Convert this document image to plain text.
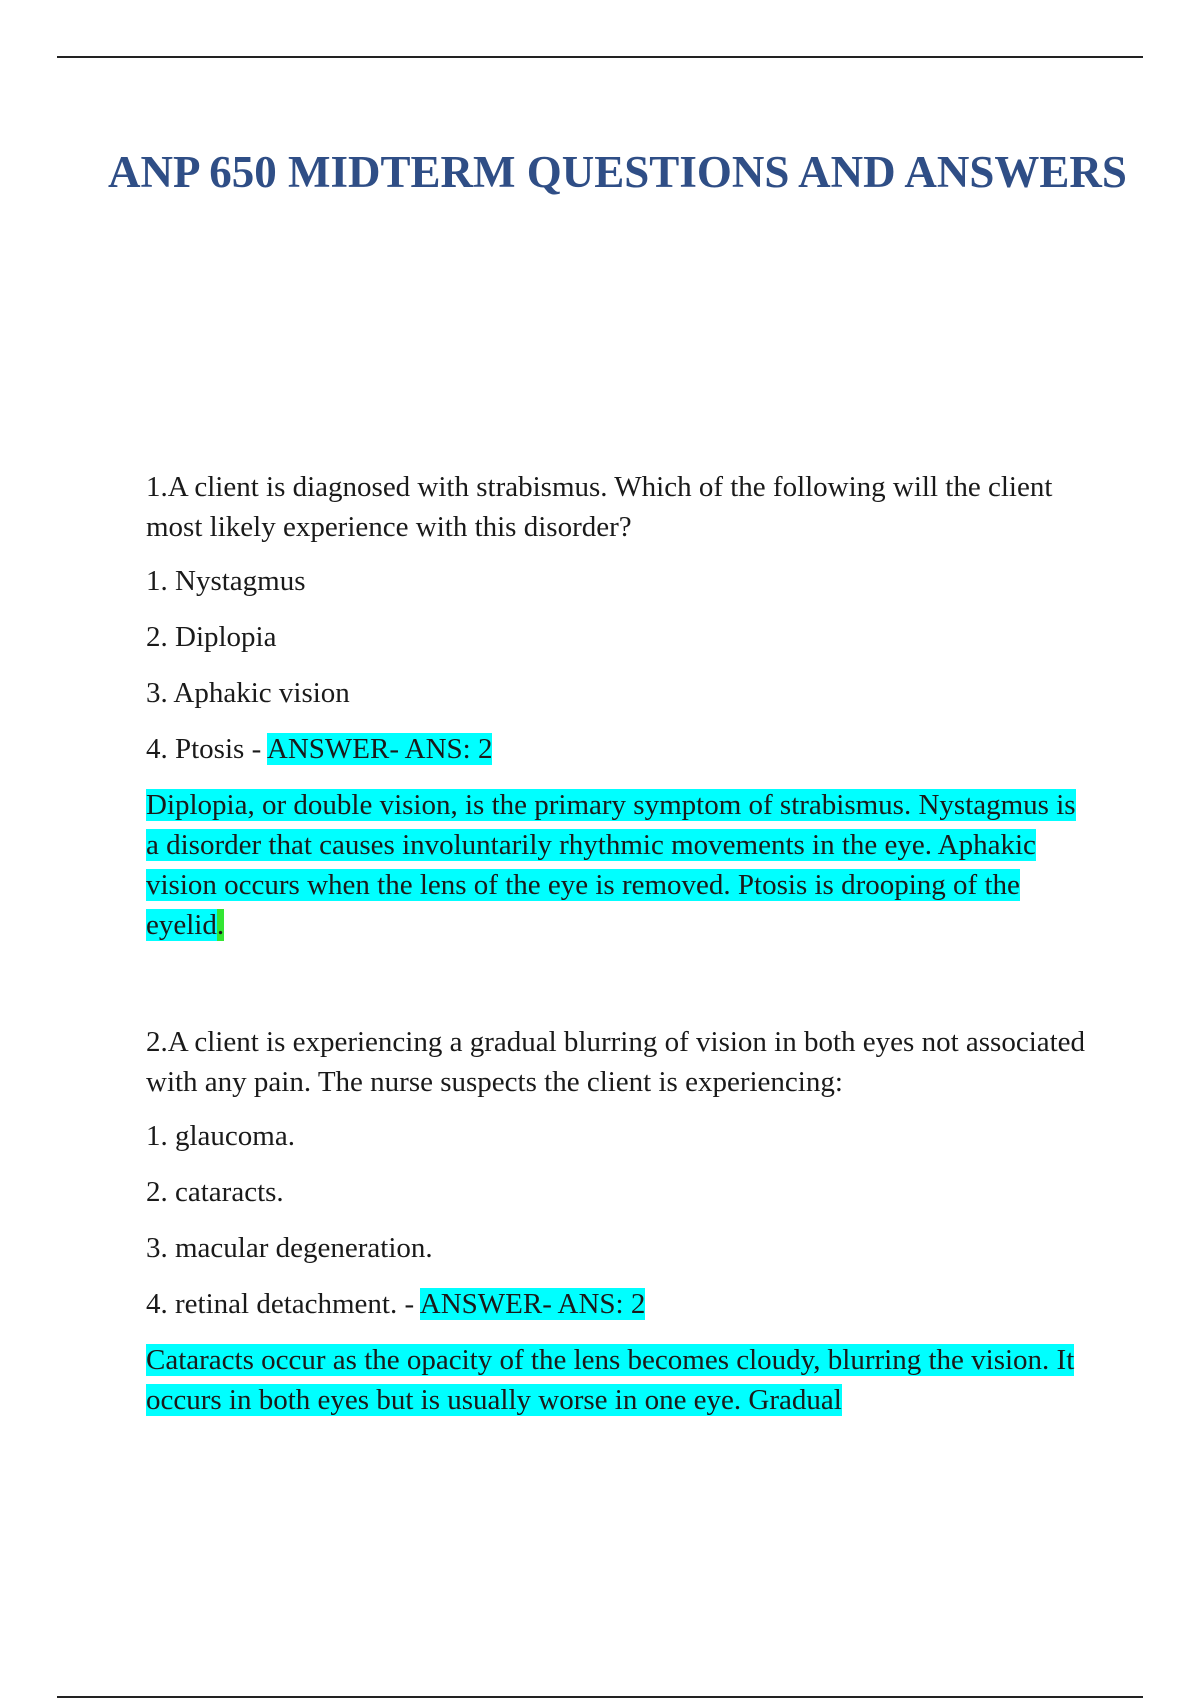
ANP 650 MIDTERM QUESTIONS AND ANSWERS

1.A client is diagnosed with strabismus. Which of the following will the client most likely experience with this disorder?

1. Nystagmus
2. Diplopia
3. Aphakic vision
4. Ptosis - ANSWER- ANS: 2

Diplopia, or double vision, is the primary symptom of strabismus. Nystagmus is a disorder that causes involuntarily rhythmic movements in the eye. Aphakic vision occurs when the lens of the eye is removed. Ptosis is drooping of the eyelid.

2.A client is experiencing a gradual blurring of vision in both eyes not associated with any pain. The nurse suspects the client is experiencing:

1. glaucoma.
2. cataracts.
3. macular degeneration.
4. retinal detachment. - ANSWER- ANS: 2

Cataracts occur as the opacity of the lens becomes cloudy, blurring the vision. It occurs in both eyes but is usually worse in one eye. Gradual
